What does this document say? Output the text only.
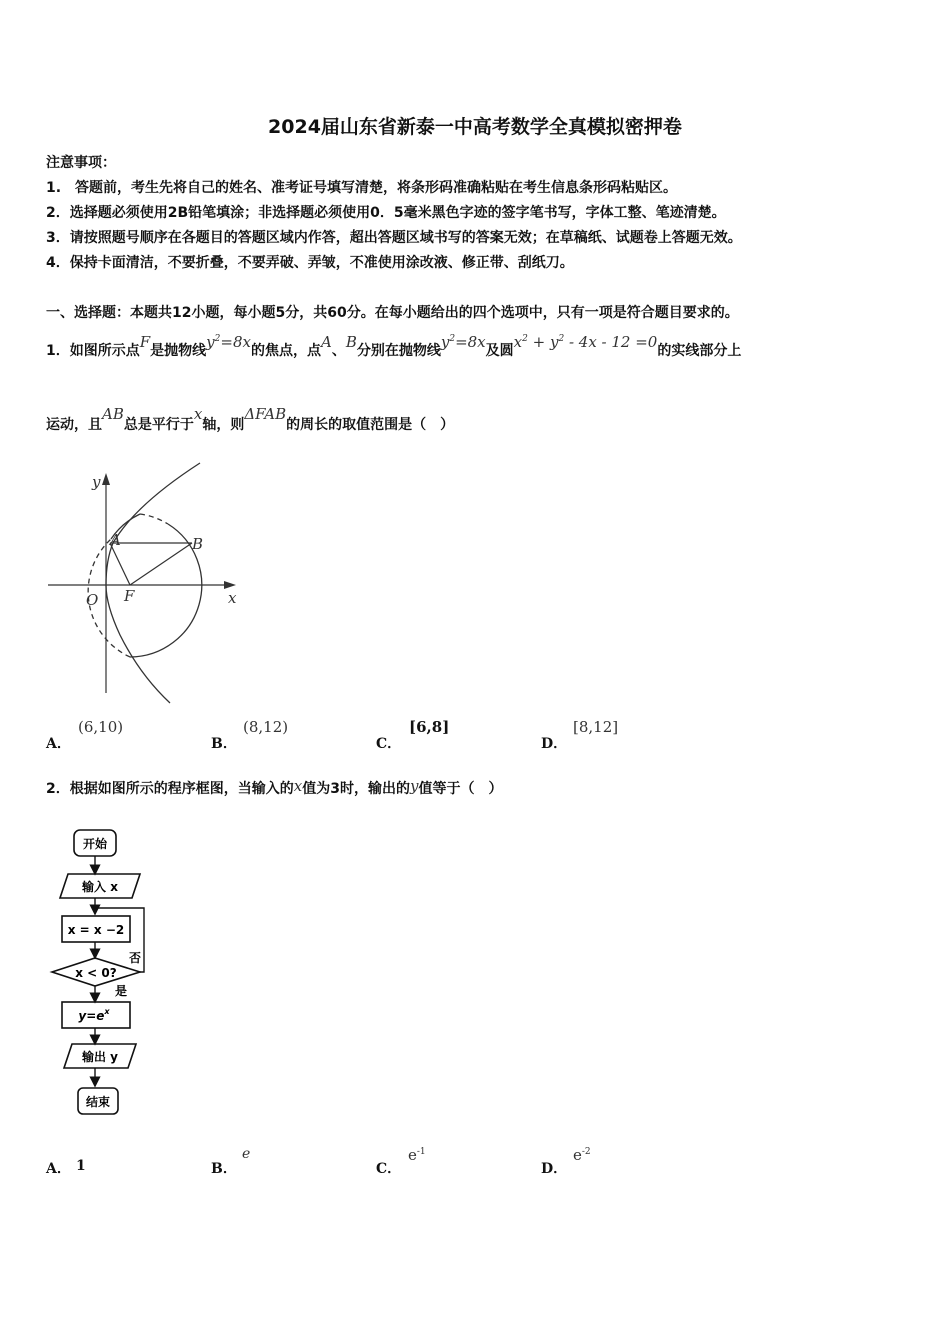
2024届山东省新泰一中高考数学全真模拟密押卷
注意事项：
1.　答题前，考生先将自己的姓名、准考证号填写清楚，将条形码准确粘贴在考生信息条形码粘贴区。
2．选择题必须使用2B铅笔填涂；非选择题必须使用0．5毫米黑色字迹的签字笔书写，字体工整、笔迹清楚。
3．请按照题号顺序在各题目的答题区域内作答，超出答题区域书写的答案无效；在草稿纸、试题卷上答题无效。
4．保持卡面清洁，不要折叠，不要弄破、弄皱，不准使用涂改液、修正带、刮纸刀。
一、选择题：本题共12小题，每小题5分，共60分。在每小题给出的四个选项中，只有一项是符合题目要求的。
1．如图所示点F是抛物线$y^2=8x$的焦点，点A、B分别在抛物线$y^2=8x$及圆$x^2 + y^2 - 4x - 12 =0$的实线部分上
运动，且AB总是平行于x轴，则ΔFAB的周长的取值范围是（　）
y
x
O F
A	B
A．
(6,10)
B．
(8,12)
C．
[6,8]
D．
[8,12]
2．根据如图所示的程序框图，当输入的x值为3时，输出的y值等于（　）
开始
输入 x
x = x −2
x < 0?
否
是
$y=e^x$
输出 y
结束
A． 1	B．
e
C．
$e^{-1}$
D．
$e^{-2}$
